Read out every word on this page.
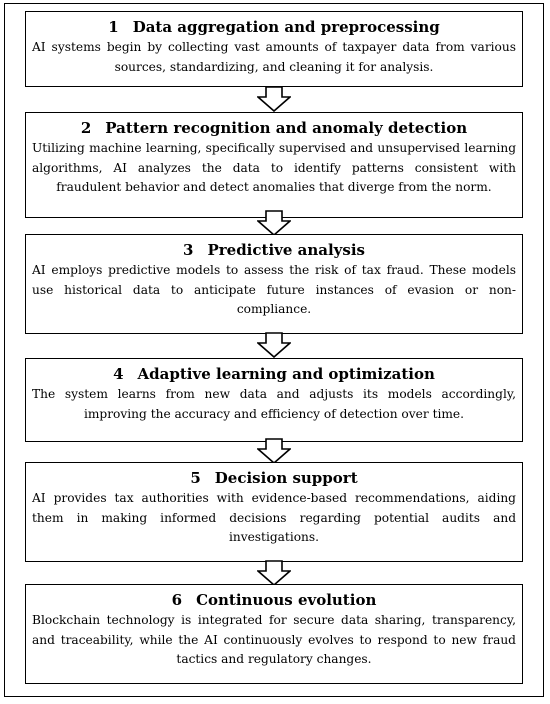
1 Data aggregation and preprocessing
AI systems begin by collecting vast amounts of taxpayer data from various sources, standardizing, and cleaning it for analysis.
2 Pattern recognition and anomaly detection
Utilizing machine learning, specifically supervised and unsupervised learning algorithms, AI analyzes the data to identify patterns consistent with fraudulent behavior and detect anomalies that diverge from the norm.
3 Predictive analysis
AI employs predictive models to assess the risk of tax fraud. These models use historical data to anticipate future instances of evasion or non-compliance.
4 Adaptive learning and optimization
The system learns from new data and adjusts its models accordingly, improving the accuracy and efficiency of detection over time.
5 Decision support
AI provides tax authorities with evidence-based recommendations, aiding them in making informed decisions regarding potential audits and investigations.
6 Continuous evolution
Blockchain technology is integrated for secure data sharing, transparency, and traceability, while the AI continuously evolves to respond to new fraud tactics and regulatory changes.
